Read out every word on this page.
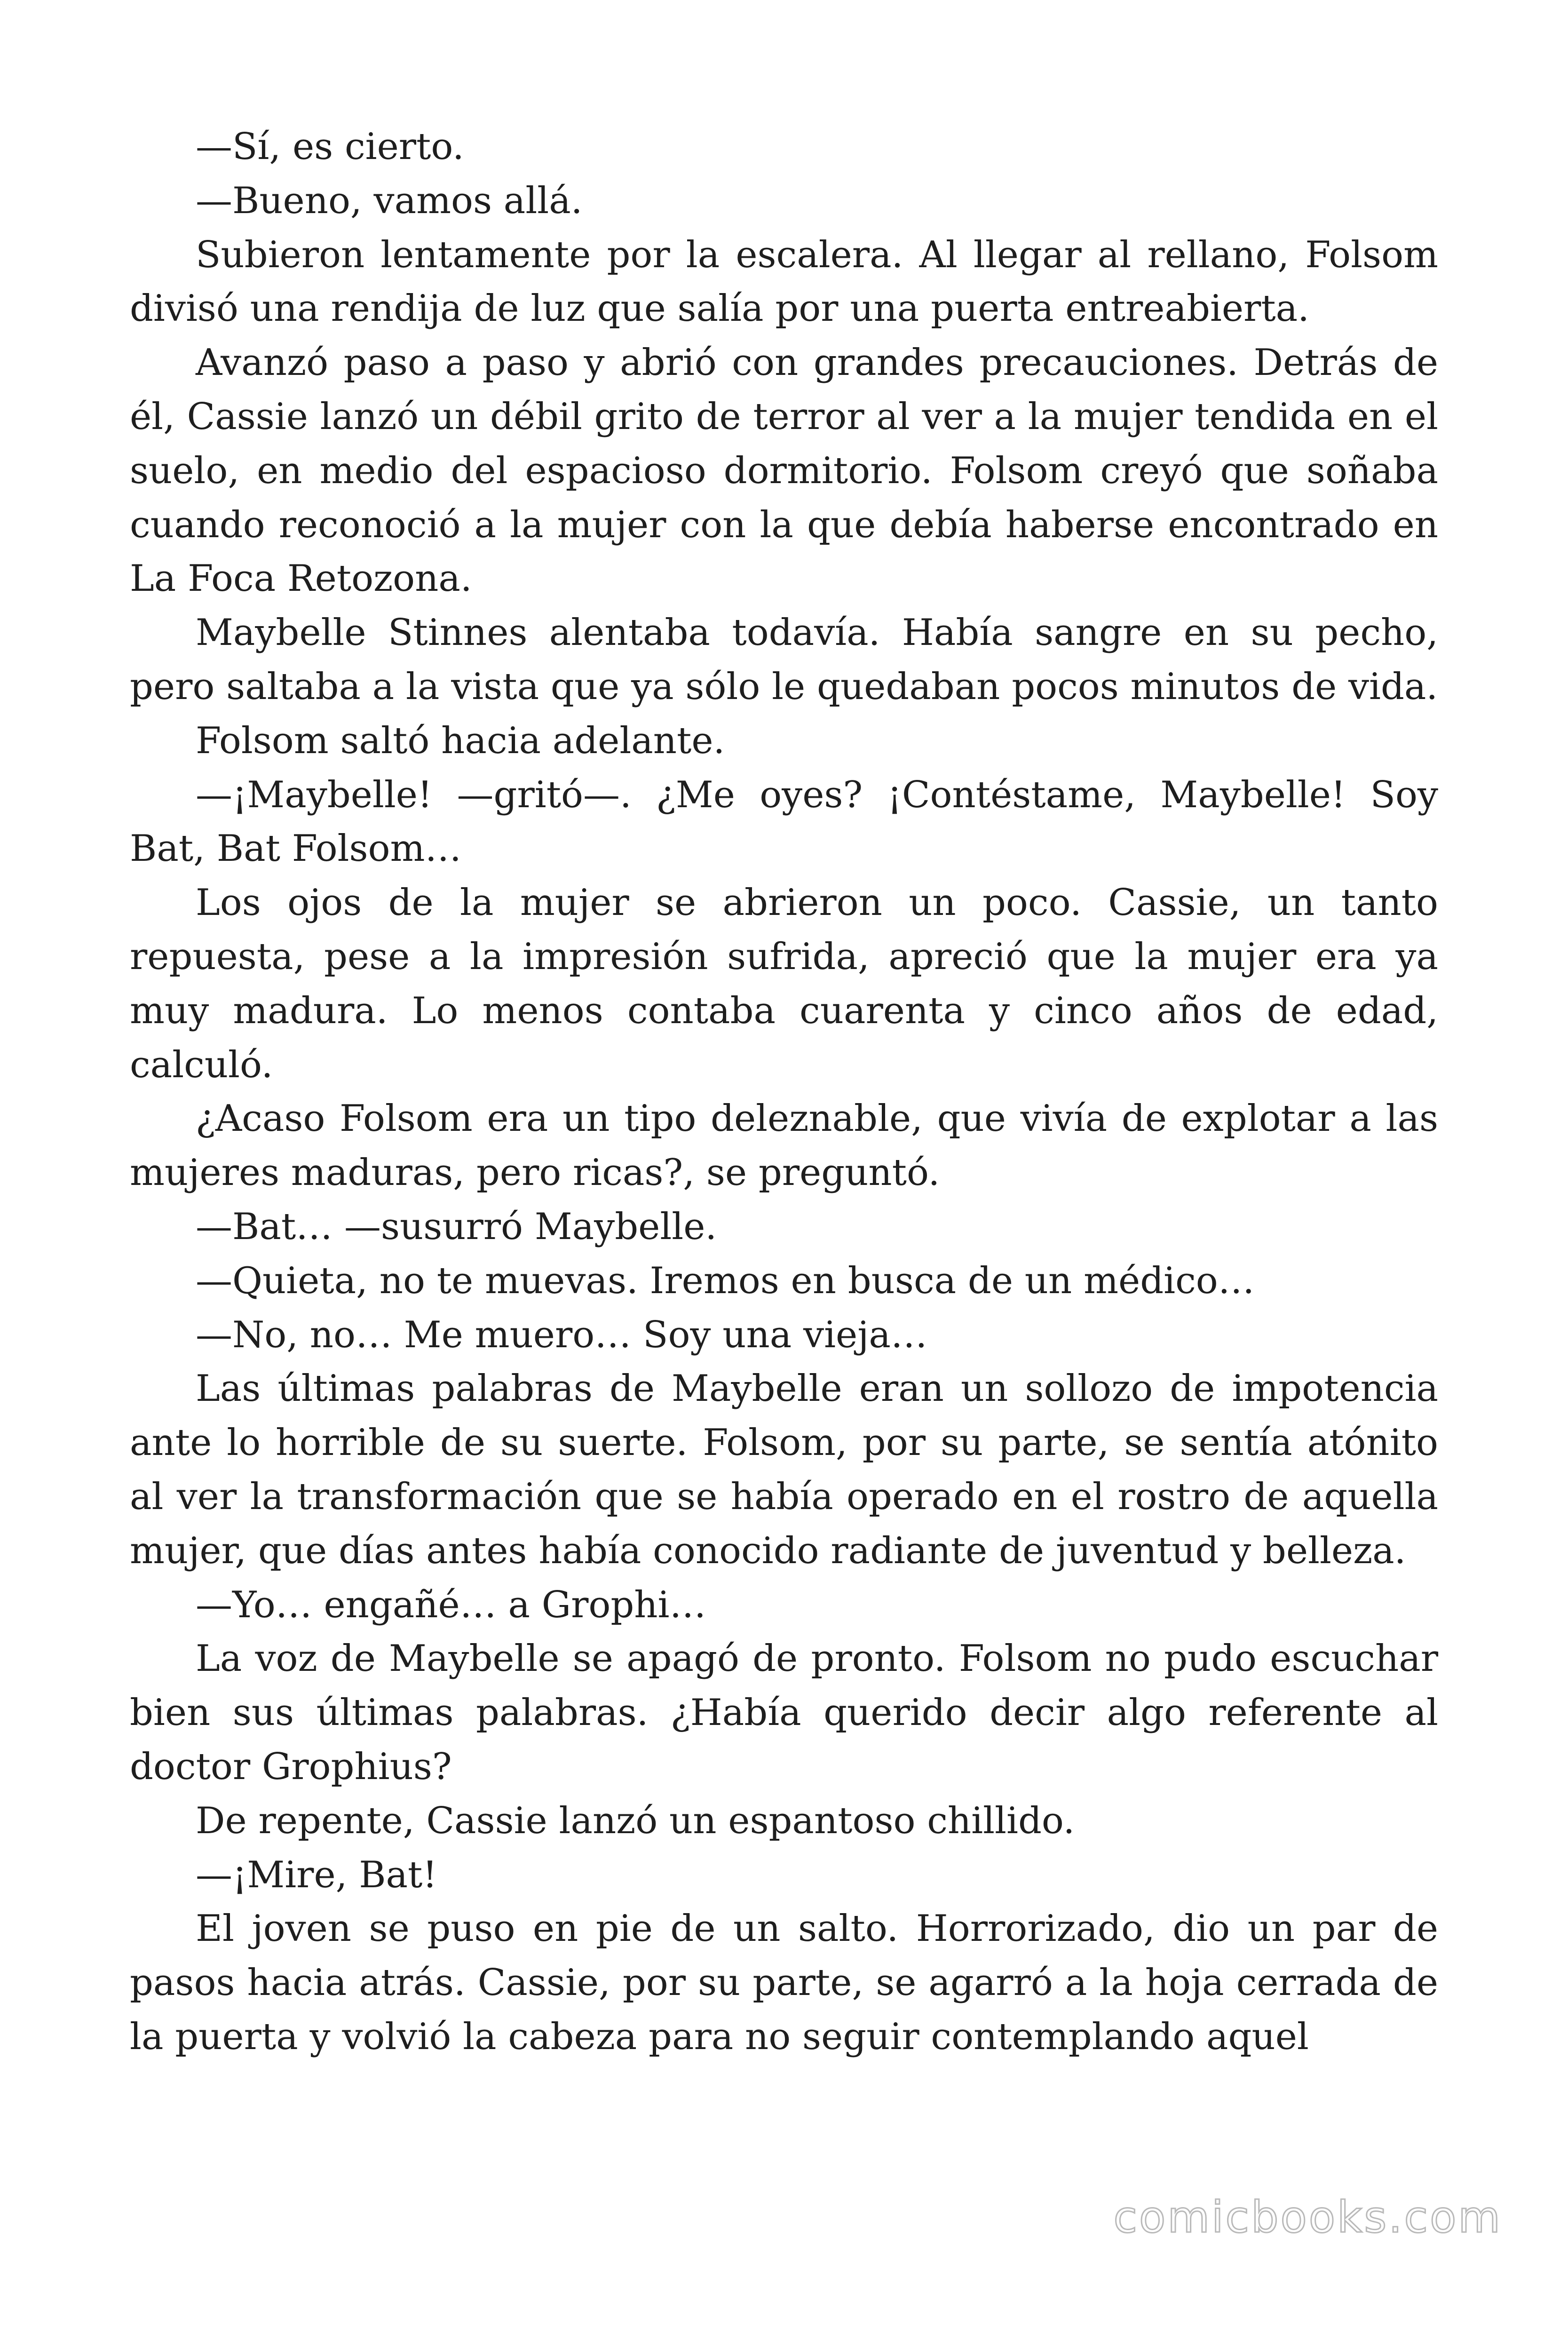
—Sí, es cierto.

—Bueno, vamos allá.

Subieron lentamente por la escalera. Al llegar al rellano, Folsom divisó una rendija de luz que salía por una puerta entreabierta.

Avanzó paso a paso y abrió con grandes precauciones. Detrás de él, Cassie lanzó un débil grito de terror al ver a la mujer tendida en el suelo, en medio del espacioso dormitorio. Folsom creyó que soñaba cuando reconoció a la mujer con la que debía haberse encontrado en La Foca Retozona.

Maybelle Stinnes alentaba todavía. Había sangre en su pecho, pero saltaba a la vista que ya sólo le quedaban pocos minutos de vida.

Folsom saltó hacia adelante.

—¡Maybelle! —gritó—. ¿Me oyes? ¡Contéstame, Maybelle! Soy Bat, Bat Folsom…

Los ojos de la mujer se abrieron un poco. Cassie, un tanto repuesta, pese a la impresión sufrida, apreció que la mujer era ya muy madura. Lo menos contaba cuarenta y cinco años de edad, calculó.

¿Acaso Folsom era un tipo deleznable, que vivía de explotar a las mujeres maduras, pero ricas?, se preguntó.

—Bat… —susurró Maybelle.

—Quieta, no te muevas. Iremos en busca de un médico…

—No, no… Me muero… Soy una vieja…

Las últimas palabras de Maybelle eran un sollozo de impotencia ante lo horrible de su suerte. Folsom, por su parte, se sentía atónito al ver la transformación que se había operado en el rostro de aquella mujer, que días antes había conocido radiante de juventud y belleza.

—Yo… engañé… a Grophi…

La voz de Maybelle se apagó de pronto. Folsom no pudo escuchar bien sus últimas palabras. ¿Había querido decir algo referente al doctor Grophius?

De repente, Cassie lanzó un espantoso chillido.

—¡Mire, Bat!

El joven se puso en pie de un salto. Horrorizado, dio un par de pasos hacia atrás. Cassie, por su parte, se agarró a la hoja cerrada de la puerta y volvió la cabeza para no seguir contemplando aquel

comicbooks.com
